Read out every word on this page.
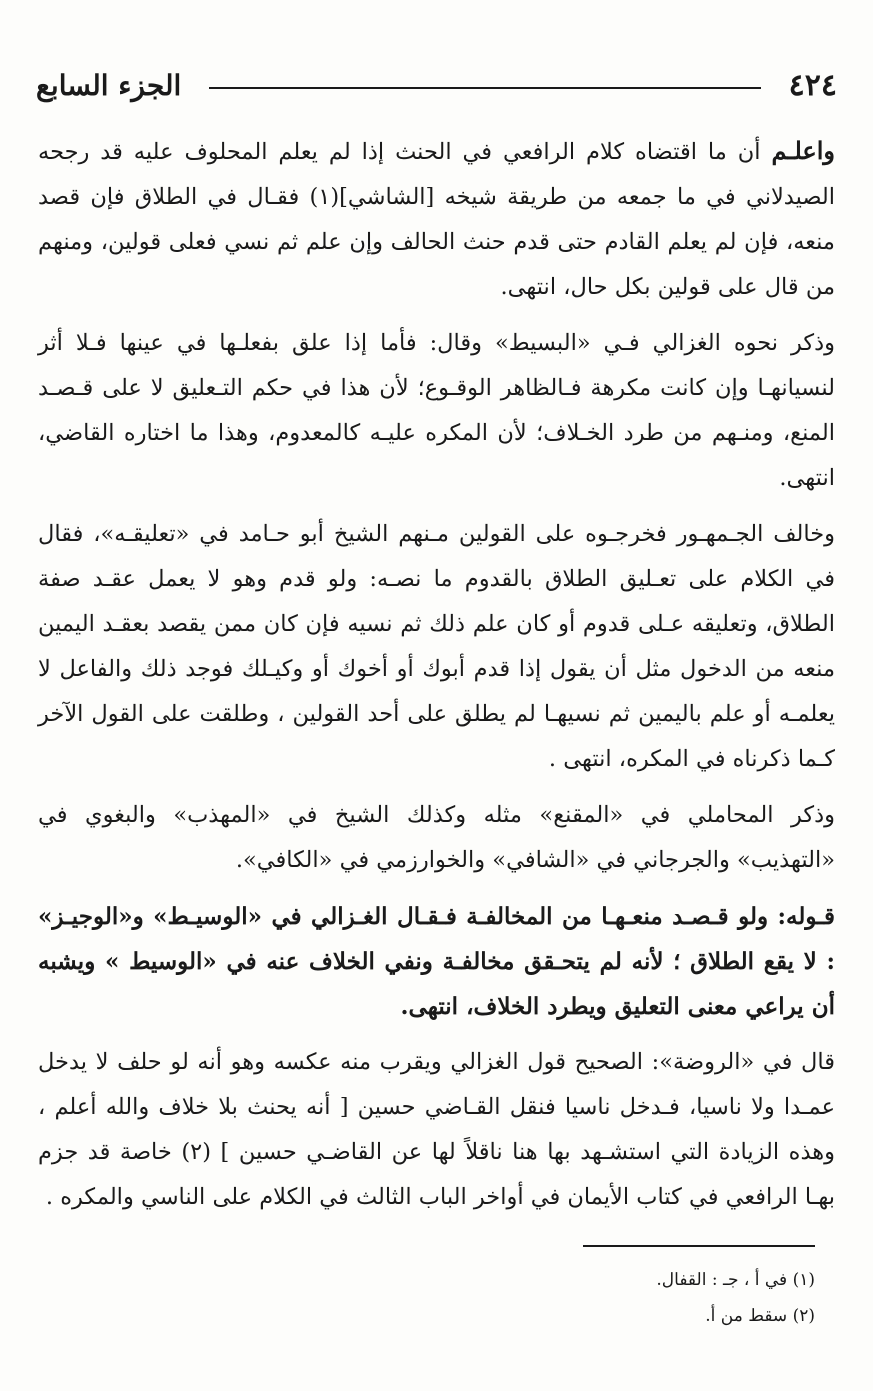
٤٢٤
الجزء السابع

واعلـم أن ما اقتضاه كلام الرافعي في الحنث إذا لم يعلم المحلوف عليه قد رجحه الصيدلاني في ما جمعه من طريقة شيخه [الشاشي](١) فقـال في الطلاق فإن قصد منعه، فإن لم يعلم القادم حتى قدم حنث الحالف وإن علم ثم نسي فعلى قولين، ومنهم من قال على قولين بكل حال، انتهى.

وذكر نحوه الغزالي فـي «البسيط» وقال: فأما إذا علق بفعلـها في عينها فـلا أثر لنسيانهـا وإن كانت مكرهة فـالظاهر الوقـوع؛ لأن هذا في حكم التـعليق لا على قـصـد المنع، ومنـهم من طرد الخـلاف؛ لأن المكره عليـه كالمعدوم، وهذا ما اختاره القاضي، انتهى.

وخالف الجـمهـور فخرجـوه على القولين مـنهم الشيخ أبو حـامد في «تعليقـه»، فقال في الكلام على تعـليق الطلاق بالقدوم ما نصـه: ولو قدم وهو لا يعمل عقـد صفة الطلاق، وتعليقه عـلى قدوم أو كان علم ذلك ثم نسيه فإن كان ممن يقصد بعقـد اليمين منعه من الدخول مثل أن يقول إذا قدم أبوك أو أخوك أو وكيـلك فوجد ذلك والفاعل لا يعلمـه أو علم باليمين ثم نسيهـا لم يطلق على أحد القولين ، وطلقت على القول الآخر كـما ذكرناه في المكره، انتهى .

وذكر المحاملي في «المقنع» مثله وكذلك الشيخ في «المهذب» والبغوي في «التهذيب» والجرجاني في «الشافي» والخوارزمي في «الكافي».

قـوله: ولو قـصـد منعـهـا من المخالفـة فـقـال الغـزالي في «الوسيـط» و«الوجيـز» : لا يقع الطلاق ؛ لأنه لم يتحـقق مخالفـة ونفي الخلاف عنه في «الوسيط » ويشبه أن يراعي معنى التعليق ويطرد الخلاف، انتهى.

قال في «الروضة»: الصحيح قول الغزالي ويقرب منه عكسه وهو أنه لو حلف لا يدخل عمـدا ولا ناسيا، فـدخل ناسيا فنقل القـاضي حسين [ أنه يحنث بلا خلاف والله أعلم ، وهذه الزيادة التي استشـهد بها هنا ناقلاً لها عن القاضـي حسين ] (٢) خاصة قد جزم بهـا الرافعي في كتاب الأيمان في أواخر الباب الثالث في الكلام على الناسي والمكره .

(١) في أ ، جـ : القفال.
(٢) سقط من أ.
